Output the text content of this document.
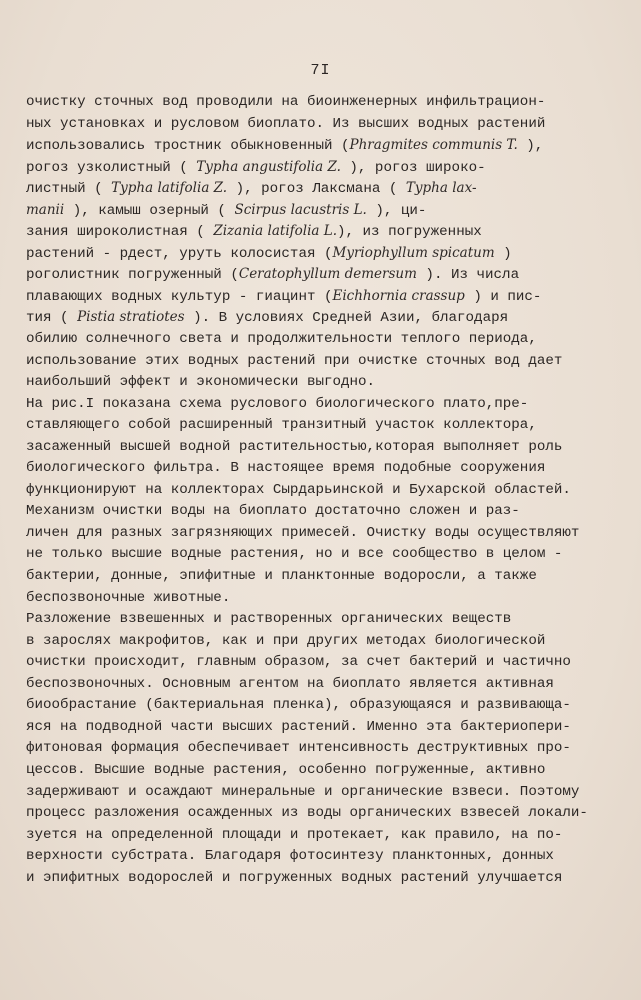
7I
очистку сточных вод проводили на биоинженерных инфильтрацион-
ных установках и русловом биоплато. Из высших водных растений
использовались тростник обыкновенный (Phragmites communis T. ),
рогоз узколистный ( Typha angustifolia Z. ), рогоз широко-
листный ( Typha latifolia Z. ), рогоз Лаксмана ( Typha lax-
manii ), камыш озерный ( Scirpus lacustris L. ), ци-
зания широколистная ( Zizania latifolia L.), из погруженных
растений - рдест, уруть колосистая (Myriophyllum spicatum )
роголистник погруженный (Ceratophyllum demersum ). Из числа
плавающих водных культур - гиацинт (Eichhornia crassup ) и пис-
тия ( Pistia stratiotes ). В условиях Средней Азии, благодаря
обилию солнечного света и продолжительности теплого периода,
использование этих водных растений при очистке сточных вод дает
наибольший эффект и экономически выгодно.
На рис.I показана схема руслового биологического плато,пре-
ставляющего собой расширенный транзитный участок коллектора,
засаженный высшей водной растительностью,которая выполняет роль
биологического фильтра. В настоящее время подобные сооружения
функционируют на коллекторах Сырдарьинской и Бухарской областей.
Механизм очистки воды на биоплато достаточно сложен и раз-
личен для разных загрязняющих примесей. Очистку воды осуществляют
не только высшие водные растения, но и все сообщество в целом -
бактерии, донные, эпифитные и планктонные водоросли, а также
беспозвоночные животные.
Разложение взвешенных и растворенных органических веществ
в зарослях макрофитов, как и при других методах биологической
очистки происходит, главным образом, за счет бактерий и частично
беспозвоночных. Основным агентом на биоплато является активная
биообрастание (бактериальная пленка), образующаяся и развивающа-
яся на подводной части высших растений. Именно эта бактериопери-
фитоновая формация обеспечивает интенсивность деструктивных про-
цессов. Высшие водные растения, особенно погруженные, активно
задерживают и осаждают минеральные и органические взвеси. Поэтому
процесс разложения осажденных из воды органических взвесей локали-
зуется на определенной площади и протекает, как правило, на по-
верхности субстрата. Благодаря фотосинтезу планктонных, донных
и эпифитных водорослей и погруженных водных растений улучшается
